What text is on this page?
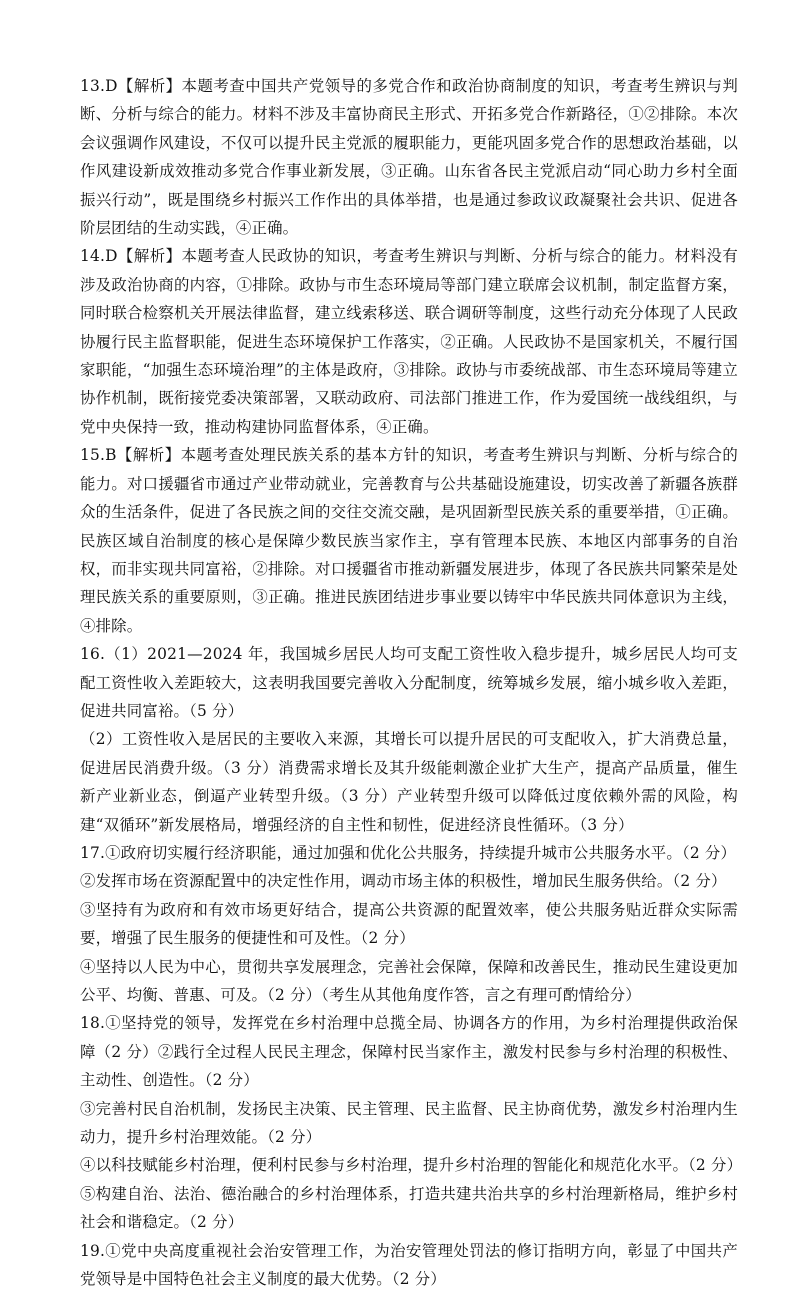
13.D【解析】本题考查中国共产党领导的多党合作和政治协商制度的知识，考查考生辨识与判断、分析与综合的能力。材料不涉及丰富协商民主形式、开拓多党合作新路径，①②排除。本次会议强调作风建设，不仅可以提升民主党派的履职能力，更能巩固多党合作的思想政治基础，以作风建设新成效推动多党合作事业新发展，③正确。山东省各民主党派启动“同心助力乡村全面振兴行动”，既是围绕乡村振兴工作作出的具体举措，也是通过参政议政凝聚社会共识、促进各阶层团结的生动实践，④正确。

14.D【解析】本题考查人民政协的知识，考查考生辨识与判断、分析与综合的能力。材料没有涉及政治协商的内容，①排除。政协与市生态环境局等部门建立联席会议机制，制定监督方案，同时联合检察机关开展法律监督，建立线索移送、联合调研等制度，这些行动充分体现了人民政协履行民主监督职能，促进生态环境保护工作落实，②正确。人民政协不是国家机关，不履行国家职能，“加强生态环境治理”的主体是政府，③排除。政协与市委统战部、市生态环境局等建立协作机制，既衔接党委决策部署，又联动政府、司法部门推进工作，作为爱国统一战线组织，与党中央保持一致，推动构建协同监督体系，④正确。

15.B【解析】本题考查处理民族关系的基本方针的知识，考查考生辨识与判断、分析与综合的能力。对口援疆省市通过产业带动就业，完善教育与公共基础设施建设，切实改善了新疆各族群众的生活条件，促进了各民族之间的交往交流交融，是巩固新型民族关系的重要举措，①正确。民族区域自治制度的核心是保障少数民族当家作主，享有管理本民族、本地区内部事务的自治权，而非实现共同富裕，②排除。对口援疆省市推动新疆发展进步，体现了各民族共同繁荣是处理民族关系的重要原则，③正确。推进民族团结进步事业要以铸牢中华民族共同体意识为主线，④排除。

16.（1）2021—2024 年，我国城乡居民人均可支配工资性收入稳步提升，城乡居民人均可支配工资性收入差距较大，这表明我国要完善收入分配制度，统筹城乡发展，缩小城乡收入差距，促进共同富裕。（5 分）

（2）工资性收入是居民的主要收入来源，其增长可以提升居民的可支配收入，扩大消费总量，促进居民消费升级。（3 分）消费需求增长及其升级能刺激企业扩大生产，提高产品质量，催生新产业新业态，倒逼产业转型升级。（3 分）产业转型升级可以降低过度依赖外需的风险，构建“双循环”新发展格局，增强经济的自主性和韧性，促进经济良性循环。（3 分）

17.①政府切实履行经济职能，通过加强和优化公共服务，持续提升城市公共服务水平。（2 分）

②发挥市场在资源配置中的决定性作用，调动市场主体的积极性，增加民生服务供给。（2 分）

③坚持有为政府和有效市场更好结合，提高公共资源的配置效率，使公共服务贴近群众实际需要，增强了民生服务的便捷性和可及性。（2 分）

④坚持以人民为中心，贯彻共享发展理念，完善社会保障，保障和改善民生，推动民生建设更加公平、均衡、普惠、可及。（2 分）（考生从其他角度作答，言之有理可酌情给分）

18.①坚持党的领导，发挥党在乡村治理中总揽全局、协调各方的作用，为乡村治理提供政治保障（2 分）②践行全过程人民民主理念，保障村民当家作主，激发村民参与乡村治理的积极性、主动性、创造性。（2 分）

③完善村民自治机制，发扬民主决策、民主管理、民主监督、民主协商优势，激发乡村治理内生动力，提升乡村治理效能。（2 分）

④以科技赋能乡村治理，便利村民参与乡村治理，提升乡村治理的智能化和规范化水平。（2 分）

⑤构建自治、法治、德治融合的乡村治理体系，打造共建共治共享的乡村治理新格局，维护乡村社会和谐稳定。（2 分）

19.①党中央高度重视社会治安管理工作，为治安管理处罚法的修订指明方向，彰显了中国共产党领导是中国特色社会主义制度的最大优势。（2 分）
